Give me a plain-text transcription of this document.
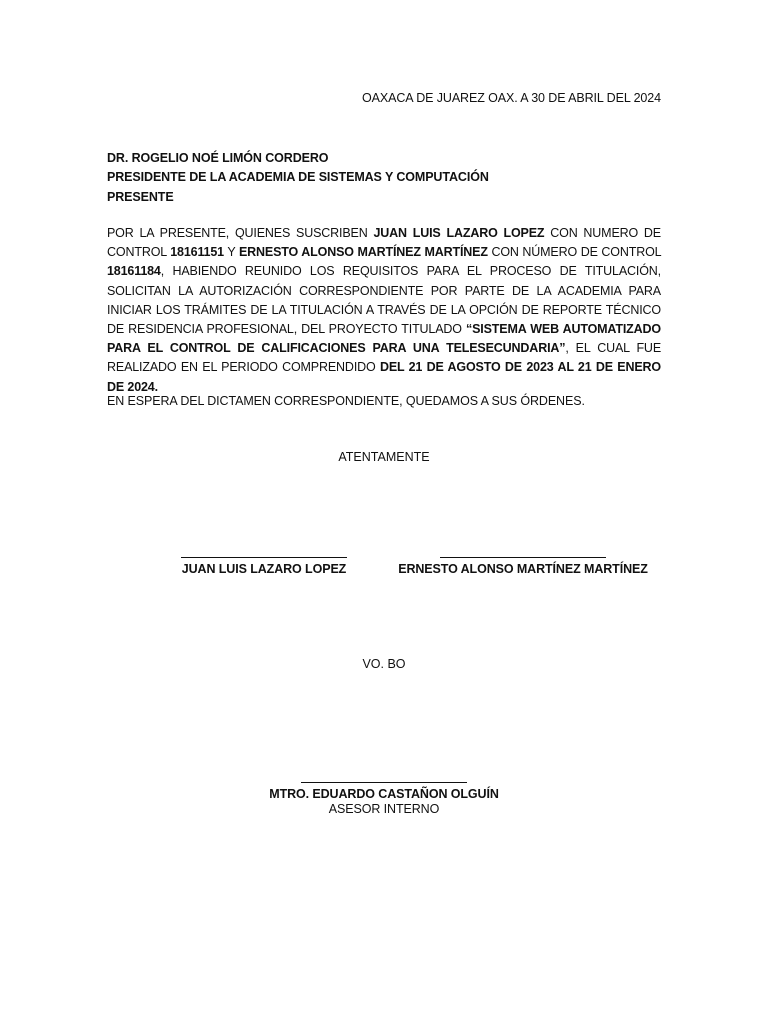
OAXACA DE JUAREZ OAX. A 30 DE ABRIL DEL 2024
DR. ROGELIO NOÉ LIMÓN CORDERO
PRESIDENTE DE LA ACADEMIA DE SISTEMAS Y COMPUTACIÓN
PRESENTE
POR LA PRESENTE, QUIENES SUSCRIBEN JUAN LUIS LAZARO LOPEZ CON NUMERO DE CONTROL 18161151 Y ERNESTO ALONSO MARTÍNEZ MARTÍNEZ CON NÚMERO DE CONTROL 18161184, HABIENDO REUNIDO LOS REQUISITOS PARA EL PROCESO DE TITULACIÓN, SOLICITAN LA AUTORIZACIÓN CORRESPONDIENTE POR PARTE DE LA ACADEMIA PARA INICIAR LOS TRÁMITES DE LA TITULACIÓN A TRAVÉS DE LA OPCIÓN DE REPORTE TÉCNICO DE RESIDENCIA PROFESIONAL, DEL PROYECTO TITULADO “SISTEMA WEB AUTOMATIZADO PARA EL CONTROL DE CALIFICACIONES PARA UNA TELESECUNDARIA”, EL CUAL FUE REALIZADO EN EL PERIODO COMPRENDIDO DEL 21 DE AGOSTO DE 2023 AL 21 DE ENERO DE 2024.
EN ESPERA DEL DICTAMEN CORRESPONDIENTE, QUEDAMOS A SUS ÓRDENES.
ATENTAMENTE
JUAN LUIS LAZARO LOPEZ	ERNESTO ALONSO MARTÍNEZ MARTÍNEZ
VO. BO
MTRO. EDUARDO CASTAÑON OLGUÍN
ASESOR INTERNO
